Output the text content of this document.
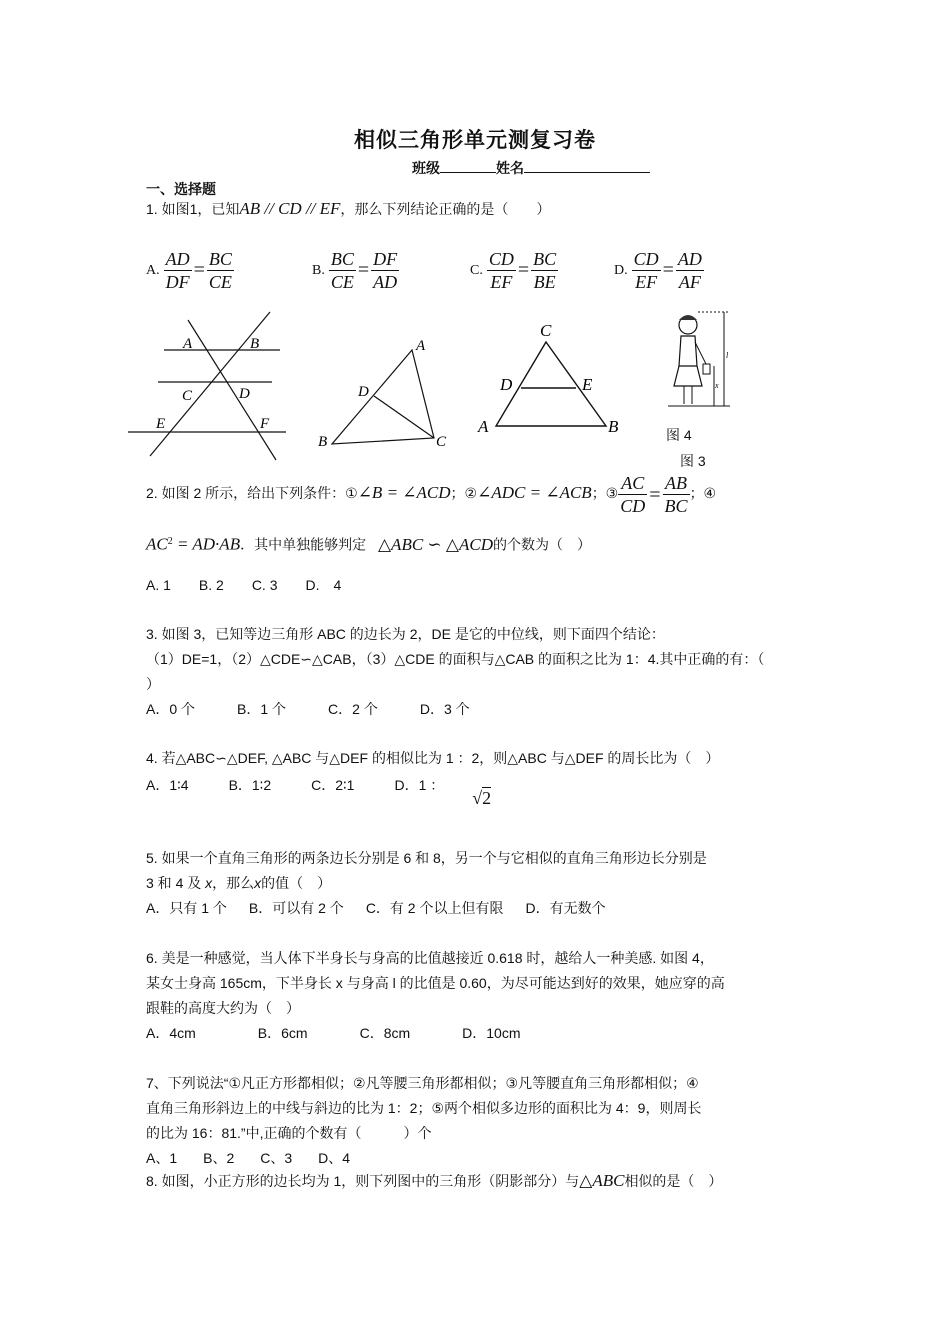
相似三角形单元测复习卷
班级	姓名
一、选择题
1. 如图1，已知AB // CD // EF，那么下列结论正确的是（　　）
A. $\frac{AD}{DF} = \frac{BC}{CE}$	B. $\frac{BC}{CE} = \frac{DF}{AD}$	C. $\frac{CD}{EF} = \frac{BC}{BE}$	D. $\frac{CD}{EF} = \frac{AD}{AF}$
A	B
C	D
E	F
A
B	C
D
C
D	E
A	B
l
x
图 4
图 3
2. 如图 2 所示，给出下列条件：①∠B = ∠ACD；②∠ADC = ∠ACB；③ $\frac{AC}{CD} = \frac{AB}{BC}$ ；④
$AC^2 = AD\cdot AB$．其中单独能够判定 △ABC ∽ △ACD的个数为（　）
A. 1 B. 2 C. 3 D.　4
3. 如图 3，已知等边三角形 ABC 的边长为 2，DE 是它的中位线，则下面四个结论：
（1）DE=1，（2）△CDE∽△CAB，（3）△CDE 的面积与△CAB 的面积之比为 1：4.其中正确的有：（
）
A．0 个	B．1 个	C．2 个	D．3 个
4. 若△ABC∽△DEF, △ABC 与△DEF 的相似比为 1 ：2，则△ABC 与△DEF 的周长比为（　）
A．1∶4	B．1∶2	C．2∶1	D．1 ：√2
5. 如果一个直角三角形的两条边长分别是 6 和 8，另一个与它相似的直角三角形边长分别是
3 和 4 及 x，那么x的值（　）
A．只有 1 个 B．可以有 2 个 C．有 2 个以上但有限 D．有无数个
6. 美是一种感觉，当人体下半身长与身高的比值越接近 0.618 时，越给人一种美感. 如图 4，
某女士身高 165cm，下半身长 x 与身高 l 的比值是 0.60，为尽可能达到好的效果，她应穿的高
跟鞋的高度大约为（　）
A．4cm	B．6cm	C．8cm	D．10cm
7、下列说法“①凡正方形都相似；②凡等腰三角形都相似；③凡等腰直角三角形都相似；④
直角三角形斜边上的中线与斜边的比为 1：2；⑤两个相似多边形的面积比为 4：9，则周长
的比为 16：81.”中,正确的个数有（　　　）个
A、1 B、2 C、3 D、4
8. 如图，小正方形的边长均为 1，则下列图中的三角形（阴影部分）与△ABC相似的是（　）
